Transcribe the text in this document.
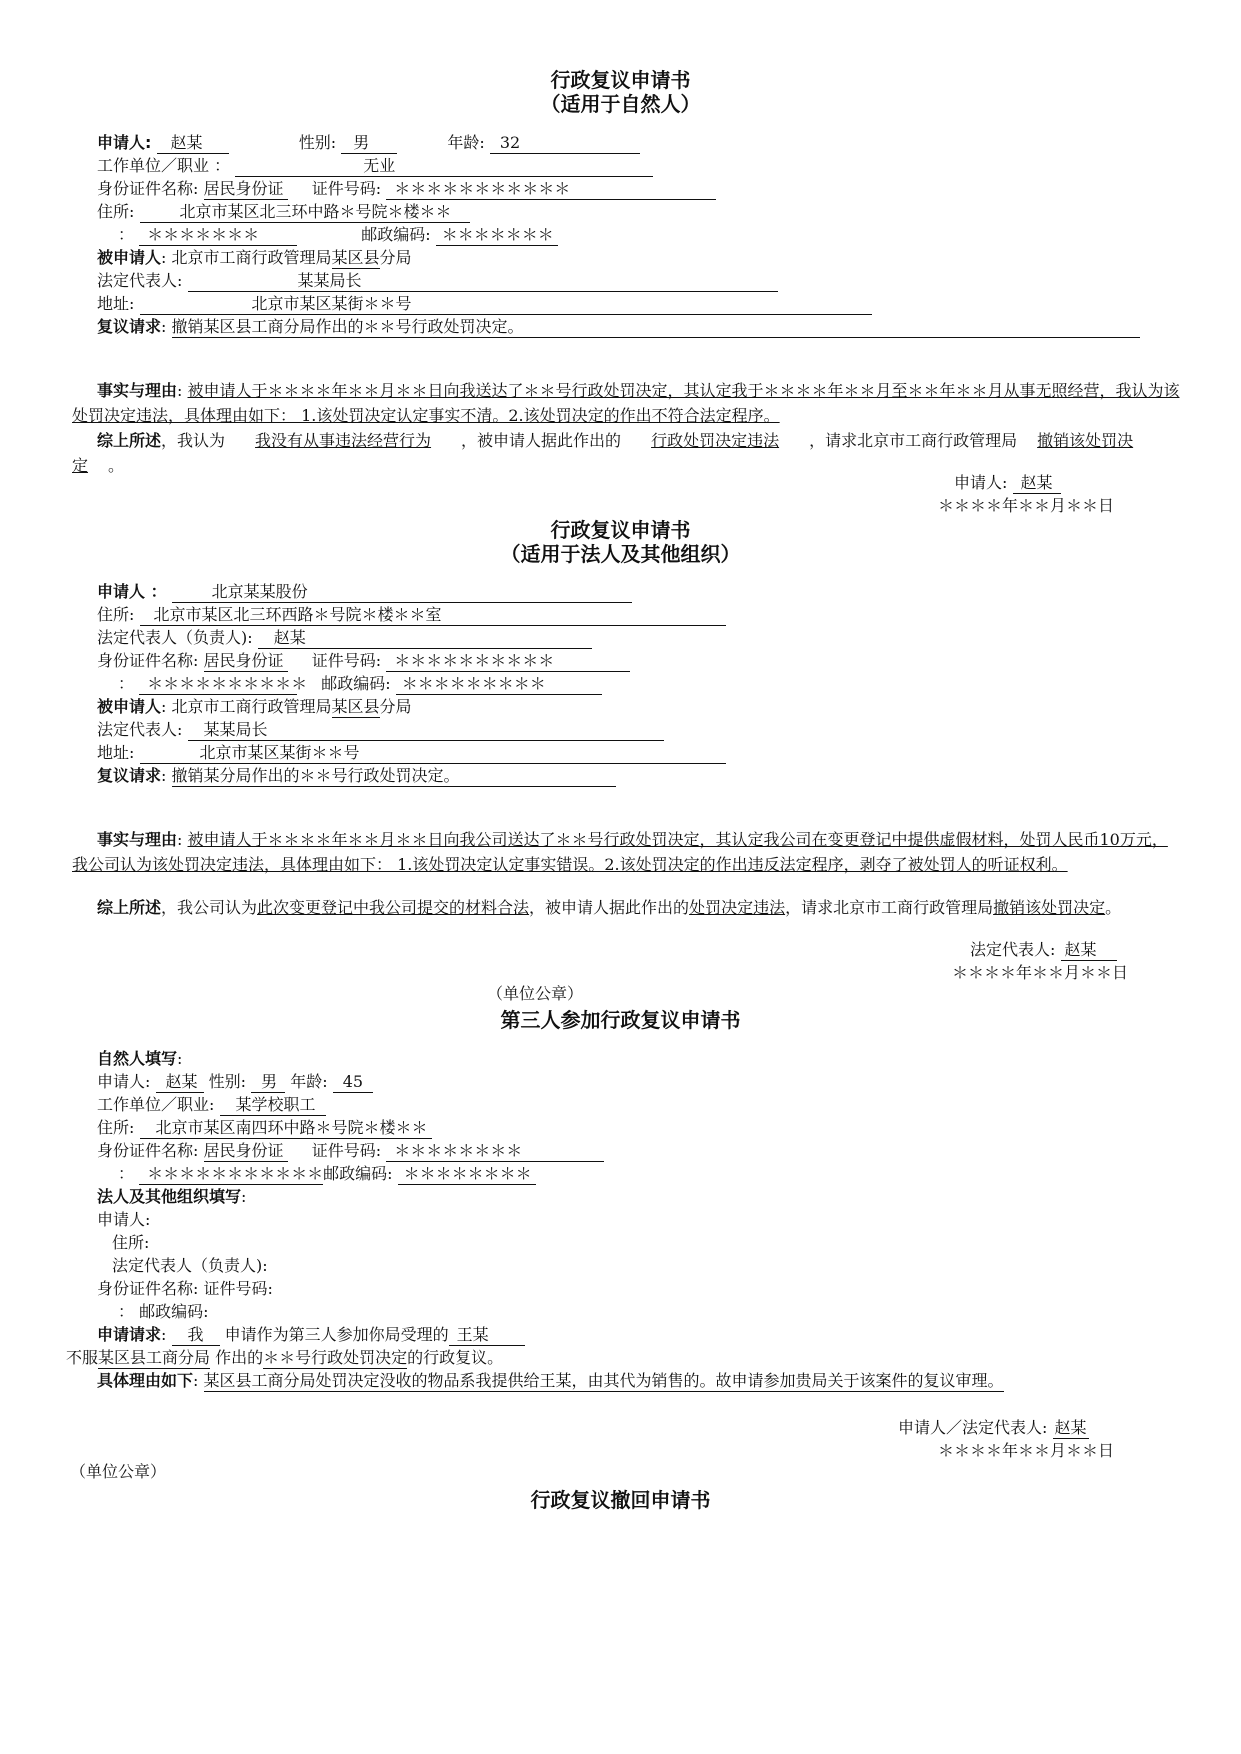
行政复议申请书
（适用于自然人）
申请人: 赵某	性别: 男	年龄: 32
工作单位／职业 ：	无业
身份证件名称: 居民身份证 证件号码: ＊＊＊＊＊＊＊＊＊＊＊
住所:	北京市某区北三环中路＊号院＊楼＊＊
： ＊＊＊＊＊＊＊	邮政编码: ＊＊＊＊＊＊＊
被申请人: 北京市工商行政管理局某区县分局
法定代表人:	某某局长
地址:	北京市某区某街＊＊号
复议请求: 撤销某区县工商分局作出的＊＊号行政处罚决定。
事实与理由: 被申请人于＊＊＊＊年＊＊月＊＊日向我送达了＊＊号行政处罚决定，其认定我于＊＊＊＊年＊＊月至＊＊年＊＊月从事无照经营，我认为该处罚决定违法，具体理由如下： 1.该处罚决定认定事实不清。2.该处罚决定的作出不符合法定程序。
综上所述，我认为 我没有从事违法经营行为 ，被申请人据此作出的 行政处罚决定违法 ，请求北京市工商行政管理局 撤销该处罚决定 。
申请人: 赵某
＊＊＊＊年＊＊月＊＊日
行政复议申请书
（适用于法人及其他组织）
申请人 ：	北京某某股份
住所: 北京市某区北三环西路＊号院＊楼＊＊室
法定代表人（负责人): 赵某
身份证件名称: 居民身份证 证件号码: ＊＊＊＊＊＊＊＊＊＊
： ＊＊＊＊＊＊＊＊＊＊ 邮政编码: ＊＊＊＊＊＊＊＊＊
被申请人: 北京市工商行政管理局某区县分局
法定代表人: 某某局长
地址:	北京市某区某街＊＊号
复议请求: 撤销某分局作出的＊＊号行政处罚决定。
事实与理由: 被申请人于＊＊＊＊年＊＊月＊＊日向我公司送达了＊＊号行政处罚决定，其认定我公司在变更登记中提供虚假材料，处罚人民币10万元，我公司认为该处罚决定违法，具体理由如下： 1.该处罚决定认定事实错误。2.该处罚决定的作出违反法定程序，剥夺了被处罚人的听证权利。
综上所述，我公司认为此次变更登记中我公司提交的材料合法，被申请人据此作出的处罚决定违法，请求北京市工商行政管理局撤销该处罚决定。
法定代表人: 赵某
＊＊＊＊年＊＊月＊＊日
（单位公章）
第三人参加行政复议申请书
自然人填写:
申请人: 赵某 性别: 男 年龄: 45
工作单位／职业: 某学校职工
住所: 北京市某区南四环中路＊号院＊楼＊＊
身份证件名称: 居民身份证 证件号码: ＊＊＊＊＊＊＊＊
： ＊＊＊＊＊＊＊＊＊＊＊邮政编码: ＊＊＊＊＊＊＊＊
法人及其他组织填写:
申请人:
住所:
法定代表人（负责人):
身份证件名称: 证件号码:
： 邮政编码:
申请请求: 我 申请作为第三人参加你局受理的 王某
不服某区县工商分局 作出的＊＊号行政处罚决定的行政复议。
具体理由如下: 某区县工商分局处罚决定没收的物品系我提供给王某，由其代为销售的。故申请参加贵局关于该案件的复议审理。
申请人／法定代表人: 赵某
＊＊＊＊年＊＊月＊＊日
（单位公章）
行政复议撤回申请书
